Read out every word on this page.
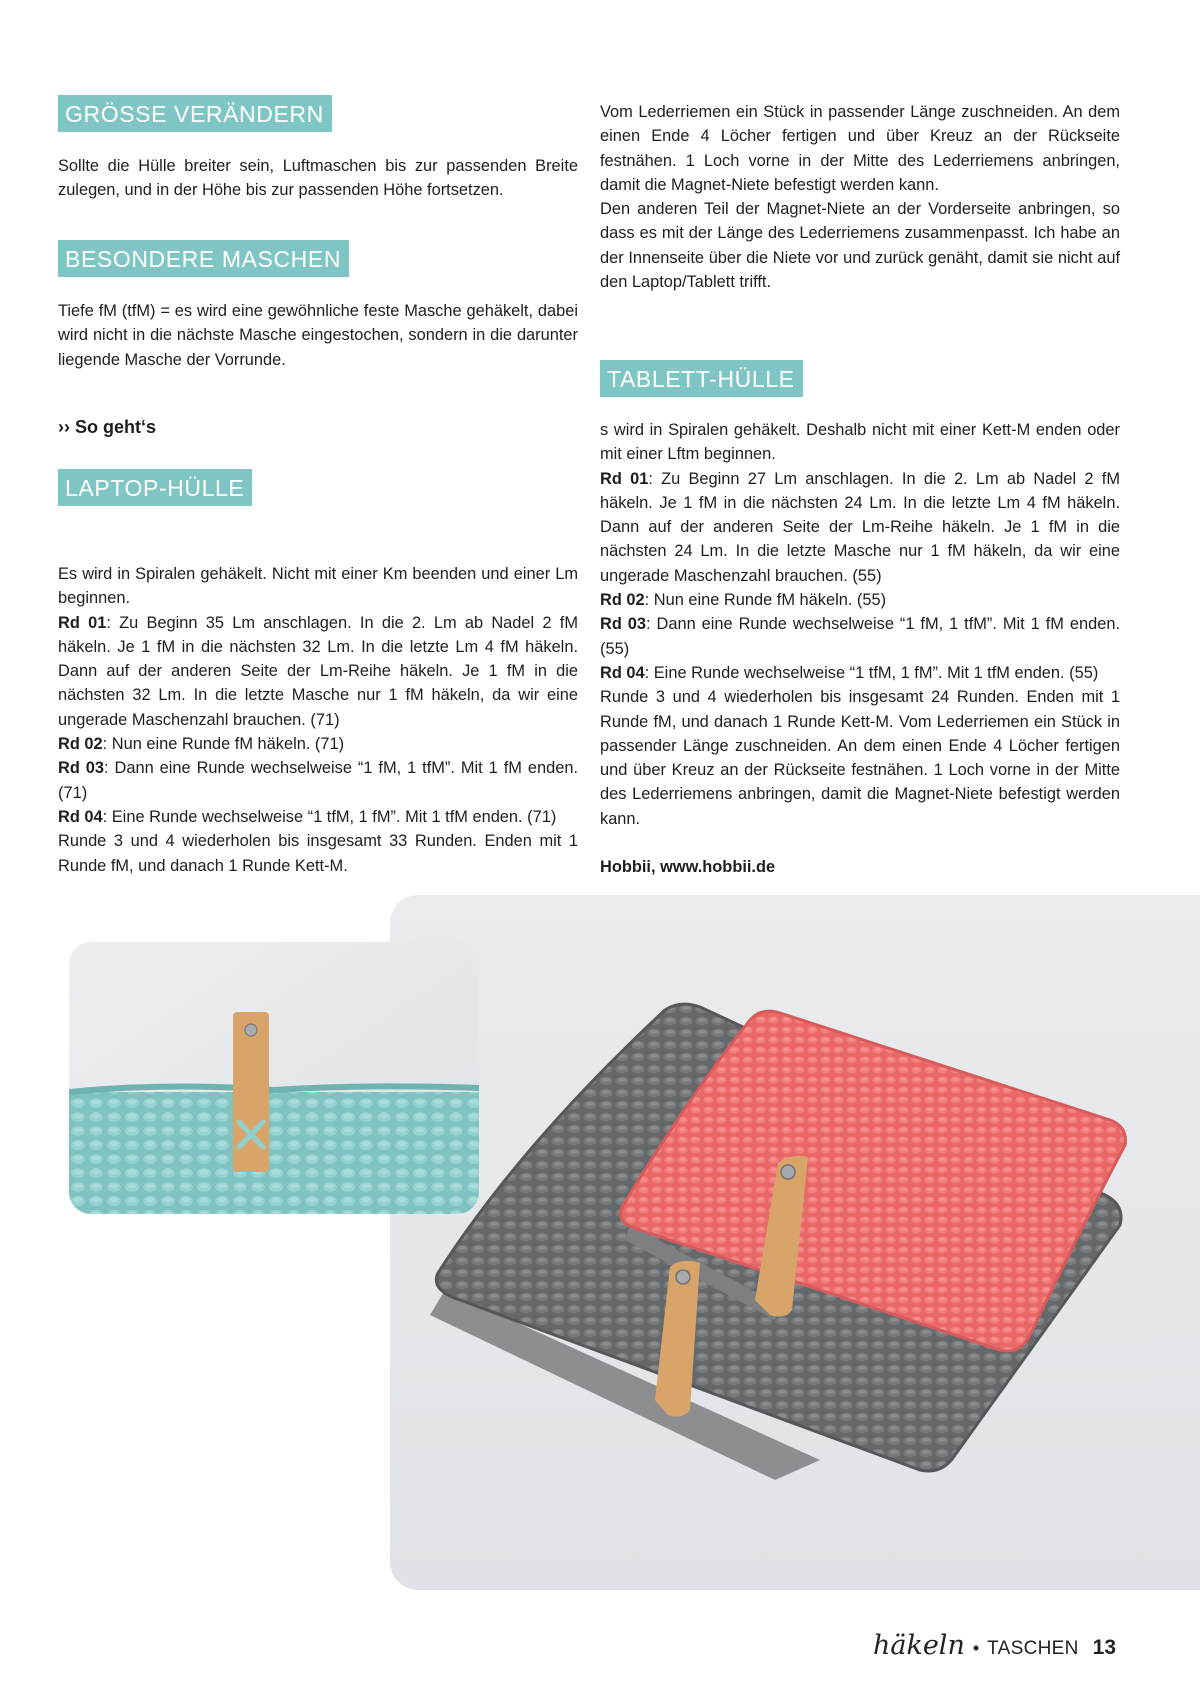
GRÖSSE VERÄNDERN

Sollte die Hülle breiter sein, Luftmaschen bis zur passenden Breite zulegen, und in der Höhe bis zur passenden Höhe fortsetzen.

BESONDERE MASCHEN

Tiefe fM (tfM) = es wird eine gewöhnliche feste Masche gehäkelt, dabei wird nicht in die nächste Masche eingestochen, sondern in die darunter liegende Masche der Vorrunde.

›› So geht‘s
LAPTOP-HÜLLE

Es wird in Spiralen gehäkelt. Nicht mit einer Km beenden und einer Lm beginnen.

Rd 01: Zu Beginn 35 Lm anschlagen. In die 2. Lm ab Nadel 2 fM häkeln. Je 1 fM in die nächsten 32 Lm. In die letzte Lm 4 fM häkeln. Dann auf der anderen Seite der Lm-Reihe häkeln. Je 1 fM in die nächsten 32 Lm. In die letzte Masche nur 1 fM häkeln, da wir eine ungerade Maschenzahl brauchen. (71)

Rd 02: Nun eine Runde fM häkeln. (71)

Rd 03: Dann eine Runde wechselweise “1 fM, 1 tfM”. Mit 1 fM enden. (71)

Rd 04: Eine Runde wechselweise “1 tfM, 1 fM”. Mit 1 tfM enden. (71)

Runde 3 und 4 wiederholen bis insgesamt 33 Runden. Enden mit 1 Runde fM, und danach 1 Runde Kett-M.

Vom Lederriemen ein Stück in passender Länge zuschneiden. An dem einen Ende 4 Löcher fertigen und über Kreuz an der Rückseite festnähen. 1 Loch vorne in der Mitte des Lederriemens anbringen, damit die Magnet-Niete befestigt werden kann.

Den anderen Teil der Magnet-Niete an der Vorderseite anbringen, so dass es mit der Länge des Lederriemens zusammenpasst. Ich habe an der Innenseite über die Niete vor und zurück genäht, damit sie nicht auf den Laptop/Tablett trifft.

TABLETT-HÜLLE

s wird in Spiralen gehäkelt. Deshalb nicht mit einer Kett-M enden oder mit einer Lftm beginnen.

Rd 01: Zu Beginn 27 Lm anschlagen. In die 2. Lm ab Nadel 2 fM häkeln. Je 1 fM in die nächsten 24 Lm. In die letzte Lm 4 fM häkeln. Dann auf der anderen Seite der Lm-Reihe häkeln. Je 1 fM in die nächsten 24 Lm. In die letzte Masche nur 1 fM häkeln, da wir eine ungerade Maschenzahl brauchen. (55)

Rd 02: Nun eine Runde fM häkeln. (55)

Rd 03: Dann eine Runde wechselweise “1 fM, 1 tfM”. Mit 1 fM enden. (55)

Rd 04: Eine Runde wechselweise “1 tfM, 1 fM”. Mit 1 tfM enden. (55)

Runde 3 und 4 wiederholen bis insgesamt 24 Runden. Enden mit 1 Runde fM, und danach 1 Runde Kett-M. Vom Lederriemen ein Stück in passender Länge zuschneiden. An dem einen Ende 4 Löcher fertigen und über Kreuz an der Rückseite festnähen. 1 Loch vorne in der Mitte des Lederriemens anbringen, damit die Magnet-Niete befestigt werden kann.

Hobbii, www.hobbii.de

häkeln • TASCHEN 13
